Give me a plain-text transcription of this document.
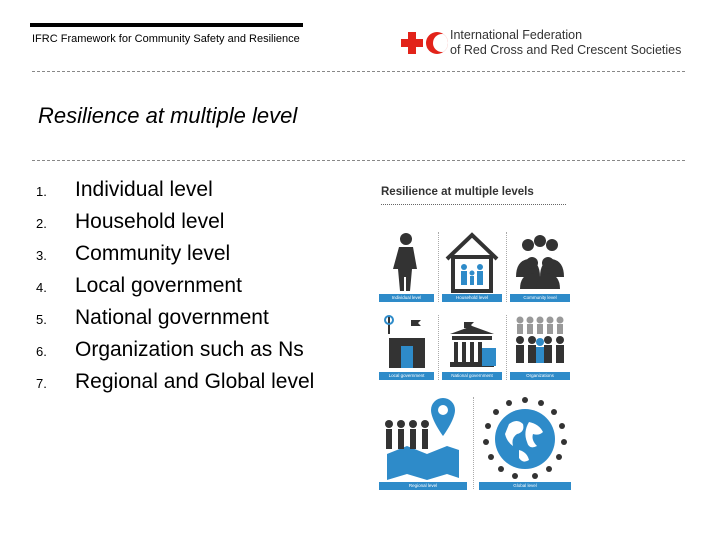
IFRC Framework for Community Safety and Resilience	International Federation
of Red Cross and Red Crescent Societies
Resilience at multiple level
1.	Individual level
2.	Household level
3.	Community level
4.	Local government
5.	National government
6.	Organization such as Ns
7.	Regional and Global level
Resilience at multiple levels
Individual level	Household level	Community level
Local government	National government	Organizations
Regional level	Global level
